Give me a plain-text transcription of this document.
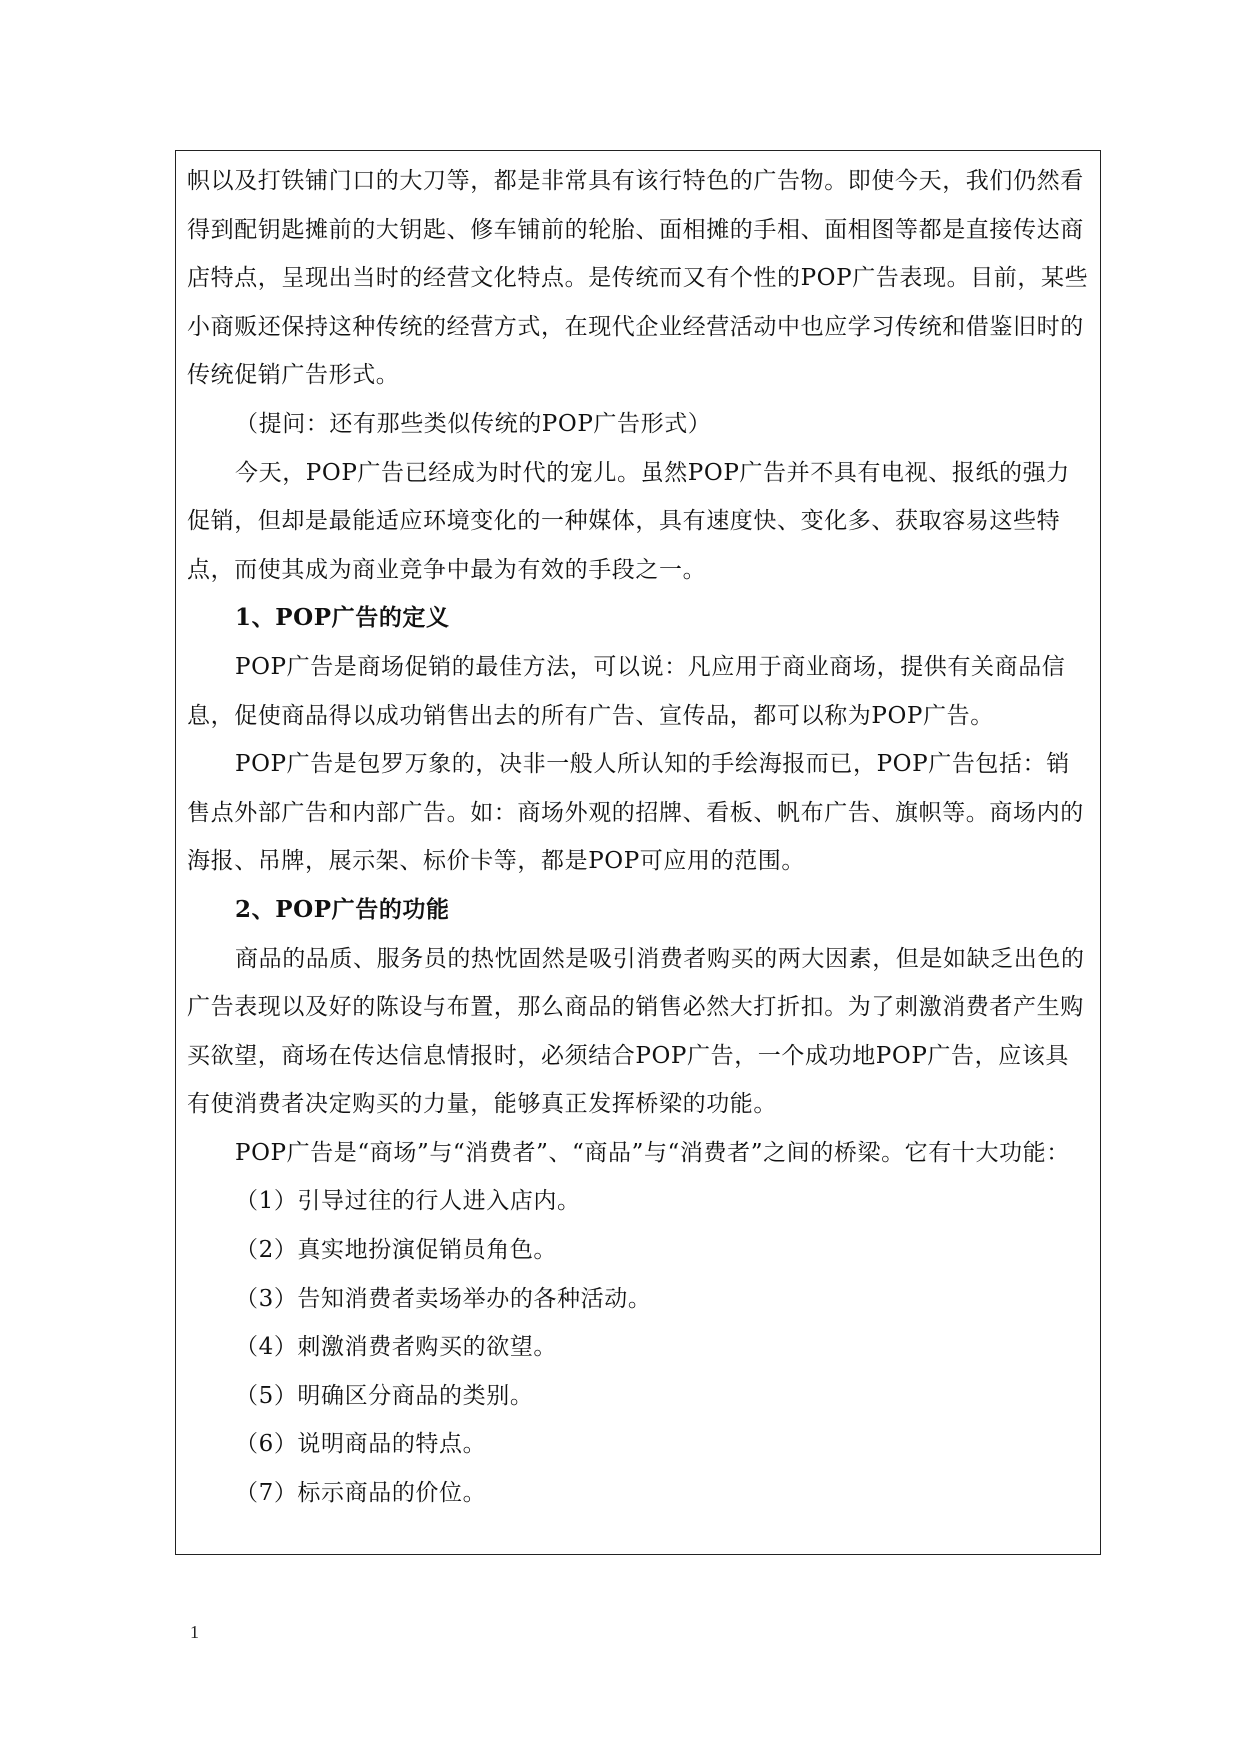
帜以及打铁铺门口的大刀等，都是非常具有该行特色的广告物。即使今天，我们仍然看得到配钥匙摊前的大钥匙、修车铺前的轮胎、面相摊的手相、面相图等都是直接传达商店特点，呈现出当时的经营文化特点。是传统而又有个性的POP广告表现。目前，某些小商贩还保持这种传统的经营方式，在现代企业经营活动中也应学习传统和借鉴旧时的传统促销广告形式。

（提问：还有那些类似传统的POP广告形式）

今天，POP广告已经成为时代的宠儿。虽然POP广告并不具有电视、报纸的强力促销，但却是最能适应环境变化的一种媒体，具有速度快、变化多、获取容易这些特点，而使其成为商业竞争中最为有效的手段之一。

1、POP广告的定义

POP广告是商场促销的最佳方法，可以说：凡应用于商业商场，提供有关商品信息，促使商品得以成功销售出去的所有广告、宣传品，都可以称为POP广告。

POP广告是包罗万象的，决非一般人所认知的手绘海报而已，POP广告包括：销售点外部广告和内部广告。如：商场外观的招牌、看板、帆布广告、旗帜等。商场内的海报、吊牌，展示架、标价卡等，都是POP可应用的范围。

2、POP广告的功能

商品的品质、服务员的热忱固然是吸引消费者购买的两大因素，但是如缺乏出色的广告表现以及好的陈设与布置，那么商品的销售必然大打折扣。为了刺激消费者产生购买欲望，商场在传达信息情报时，必须结合POP广告，一个成功地POP广告，应该具有使消费者决定购买的力量，能够真正发挥桥梁的功能。

POP广告是“商场”与“消费者”、“商品”与“消费者”之间的桥梁。它有十大功能：

（1）引导过往的行人进入店内。

（2）真实地扮演促销员角色。

（3）告知消费者卖场举办的各种活动。

（4）刺激消费者购买的欲望。

（5）明确区分商品的类别。

（6）说明商品的特点。

（7）标示商品的价位。

1
